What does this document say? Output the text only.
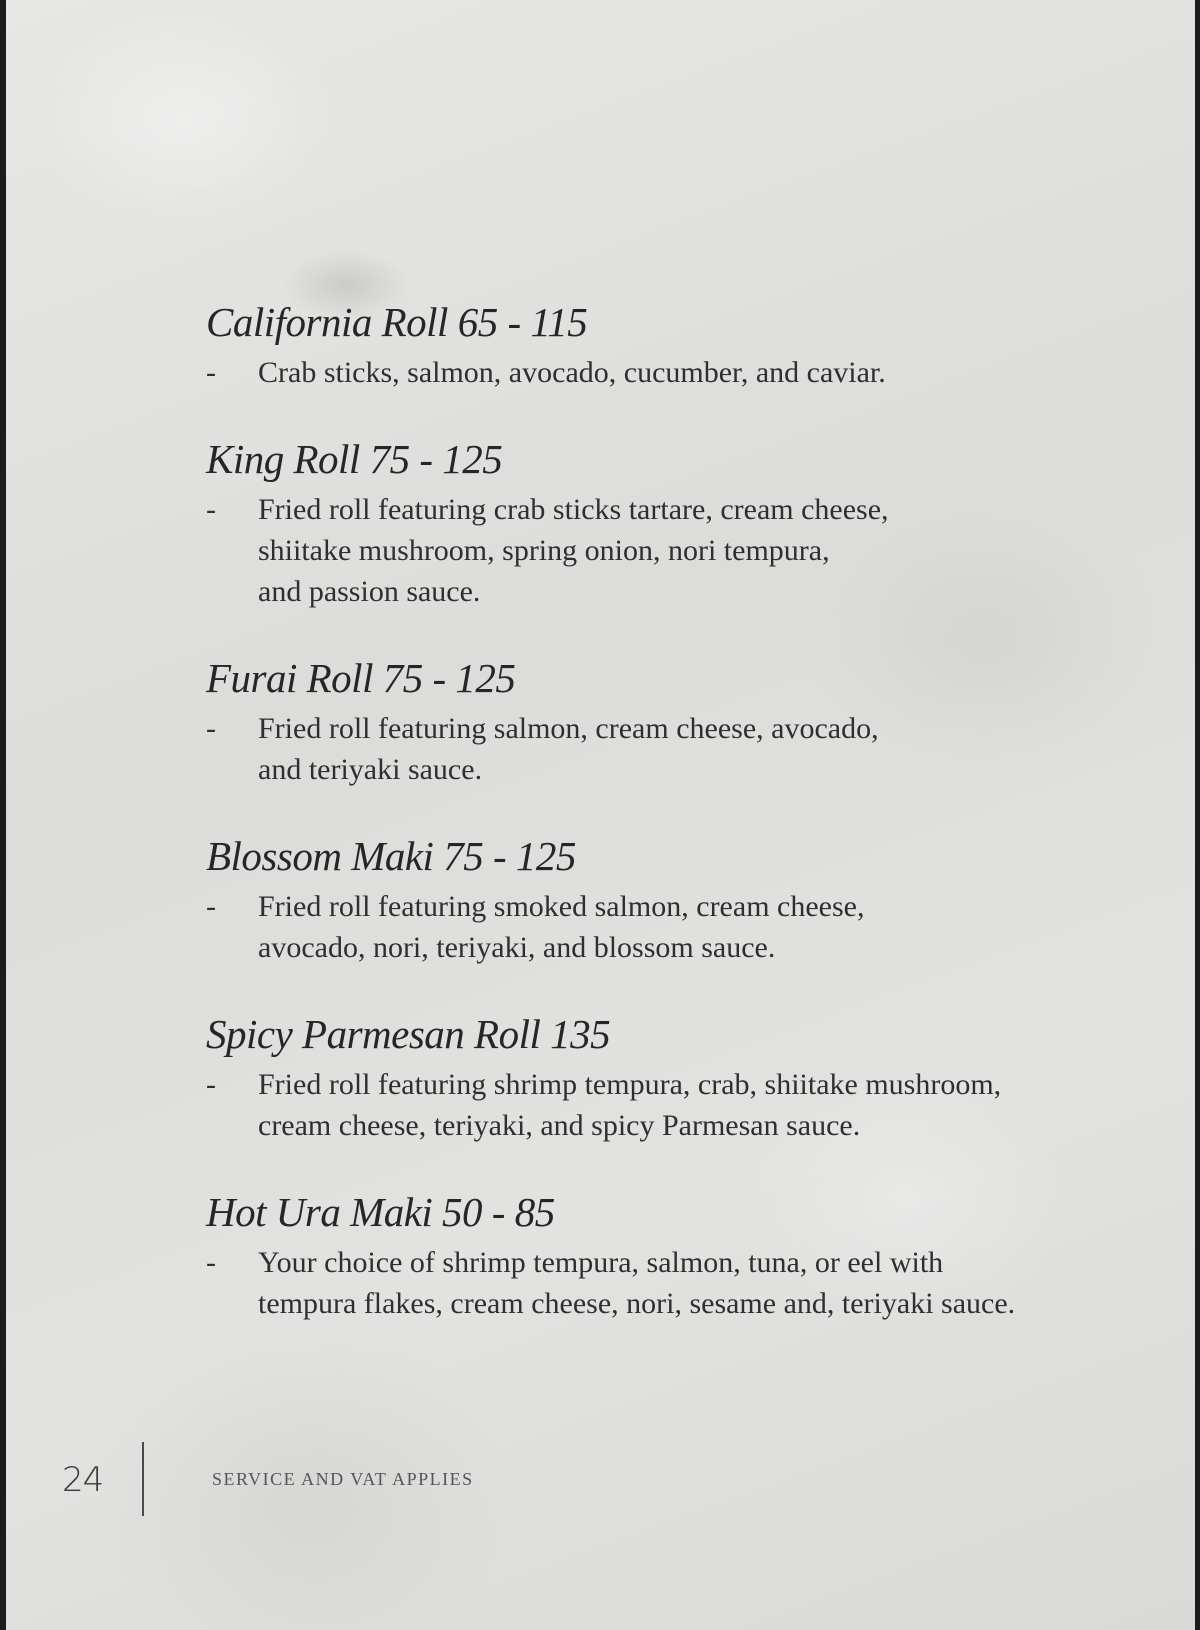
California Roll 65 - 115
- Crab sticks, salmon, avocado, cucumber, and caviar.
King Roll 75 - 125
- Fried roll featuring crab sticks tartare, cream cheese,
shiitake mushroom, spring onion, nori tempura,
and passion sauce.
Furai Roll 75 - 125
- Fried roll featuring salmon, cream cheese, avocado,
and teriyaki sauce.
Blossom Maki 75 - 125
- Fried roll featuring smoked salmon, cream cheese,
avocado, nori, teriyaki, and blossom sauce.
Spicy Parmesan Roll 135
- Fried roll featuring shrimp tempura, crab, shiitake mushroom,
cream cheese, teriyaki, and spicy Parmesan sauce.
Hot Ura Maki 50 - 85
- Your choice of shrimp tempura, salmon, tuna, or eel with
tempura flakes, cream cheese, nori, sesame and, teriyaki sauce.
24	SERVICE AND VAT APPLIES
